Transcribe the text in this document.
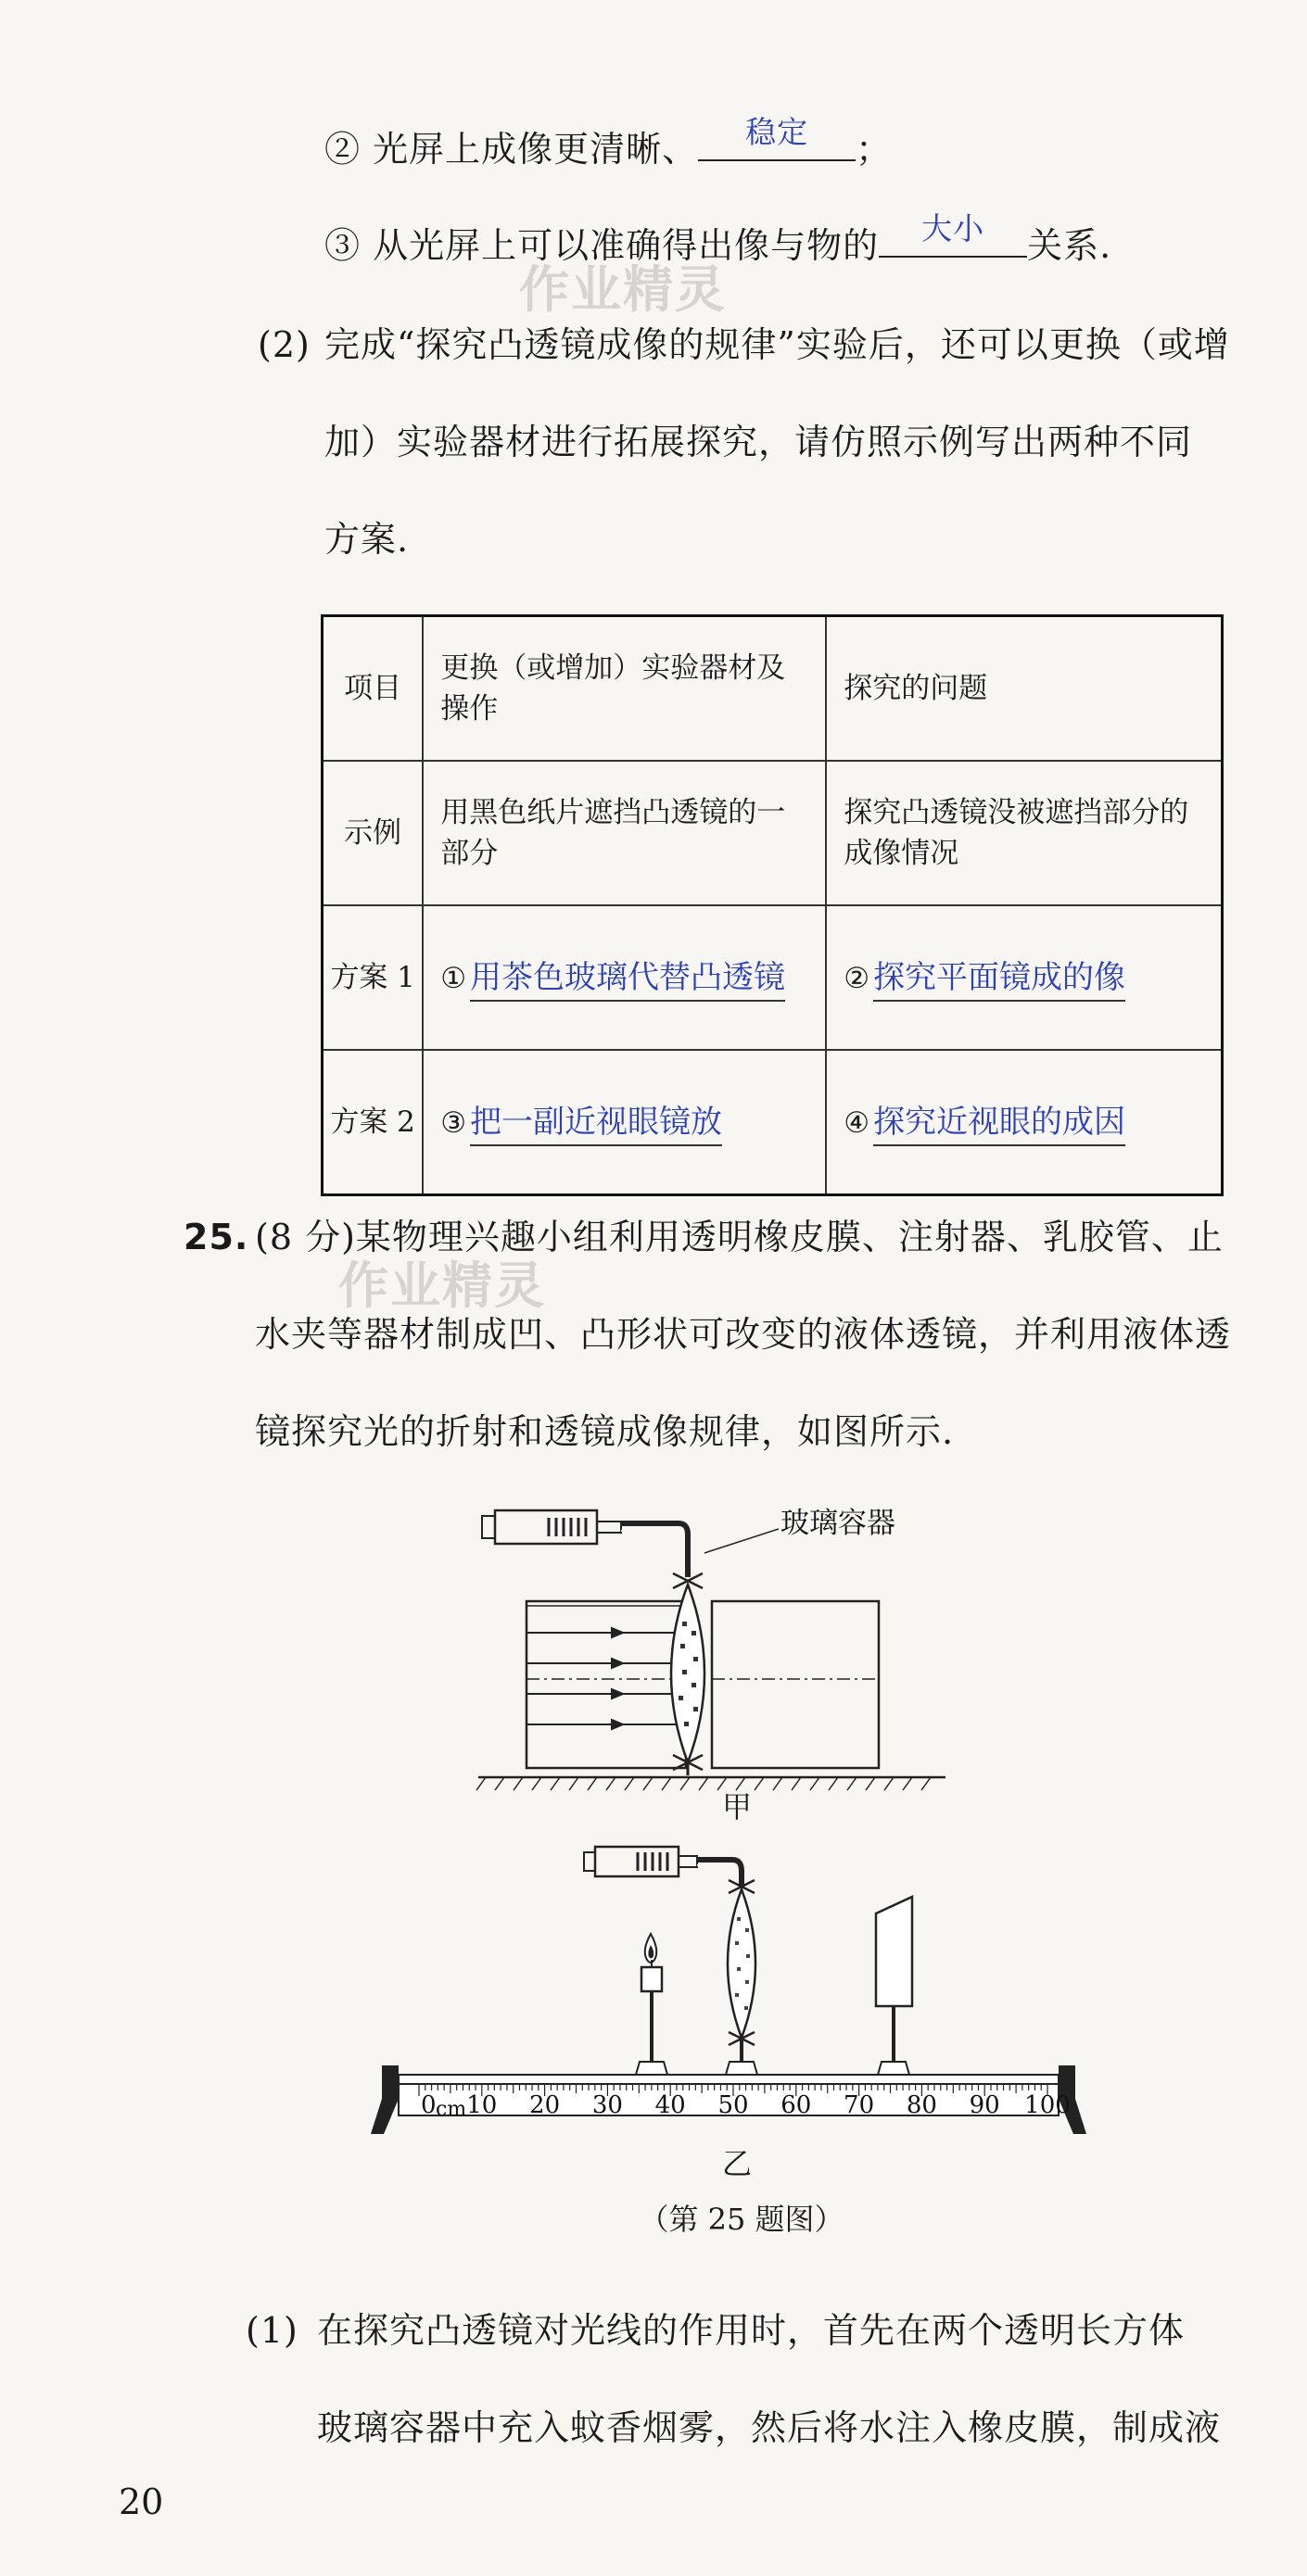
作业精灵
作业精灵
② 光屏上成像更清晰、	稳定	；
③ 从光屏上可以准确得出像与物的	大小	关系.
(2) 完成“探究凸透镜成像的规律”实验后，还可以更换（或增
加）实验器材进行拓展探究，请仿照示例写出两种不同
方案.
项目	更换（或增加）实验器材及操作	探究的问题
示例	用黑色纸片遮挡凸透镜的一部分	探究凸透镜没被遮挡部分的成像情况
方案 1	① 用茶色玻璃代替凸透镜	② 探究平面镜成的像
方案 2	③ 把一副近视眼镜放	④ 探究近视眼的成因
25. (8 分)某物理兴趣小组利用透明橡皮膜、注射器、乳胶管、止
水夹等器材制成凹、凸形状可改变的液体透镜，并利用液体透
镜探究光的折射和透镜成像规律，如图所示.
玻璃容器
甲
0 10 20 30 40 50 60 70 80 90 100
cm
乙
（第 25 题图）
(1) 在探究凸透镜对光线的作用时，首先在两个透明长方体
玻璃容器中充入蚊香烟雾，然后将水注入橡皮膜，制成液
20
